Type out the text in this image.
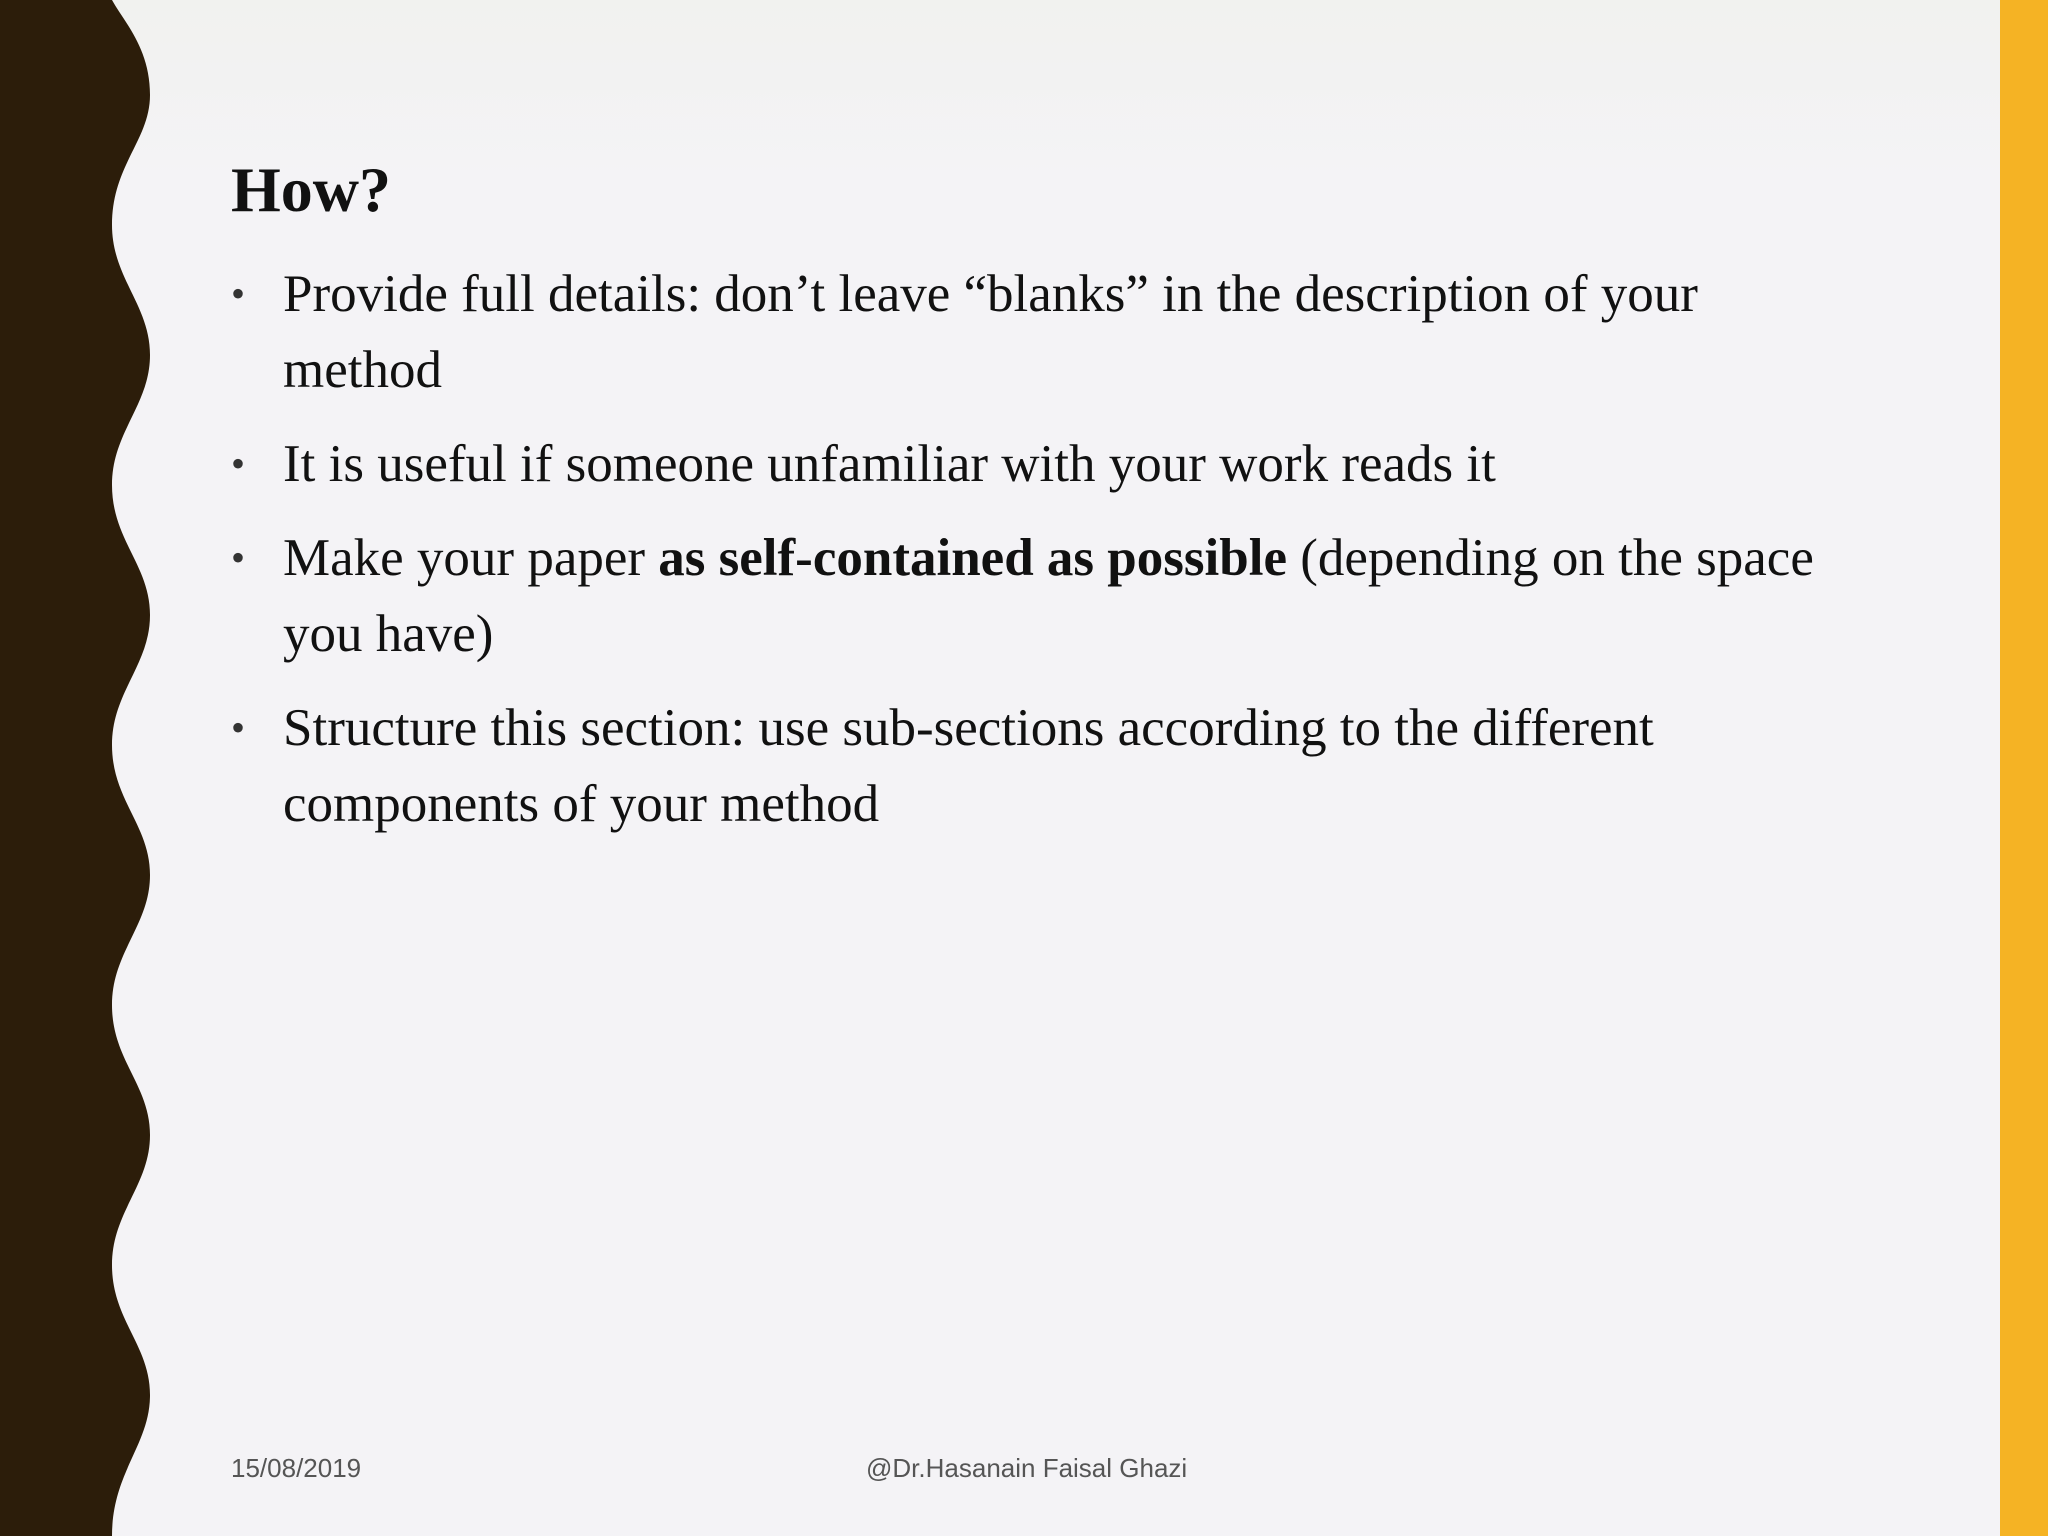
How?
• Provide full details: don’t leave “blanks” in the description of your method
• It is useful if someone unfamiliar with your work reads it
• Make your paper as self-contained as possible (depending on the space you have)
• Structure this section: use sub-sections according to the different components of your method
15/08/2019	@Dr.Hasanain Faisal Ghazi
